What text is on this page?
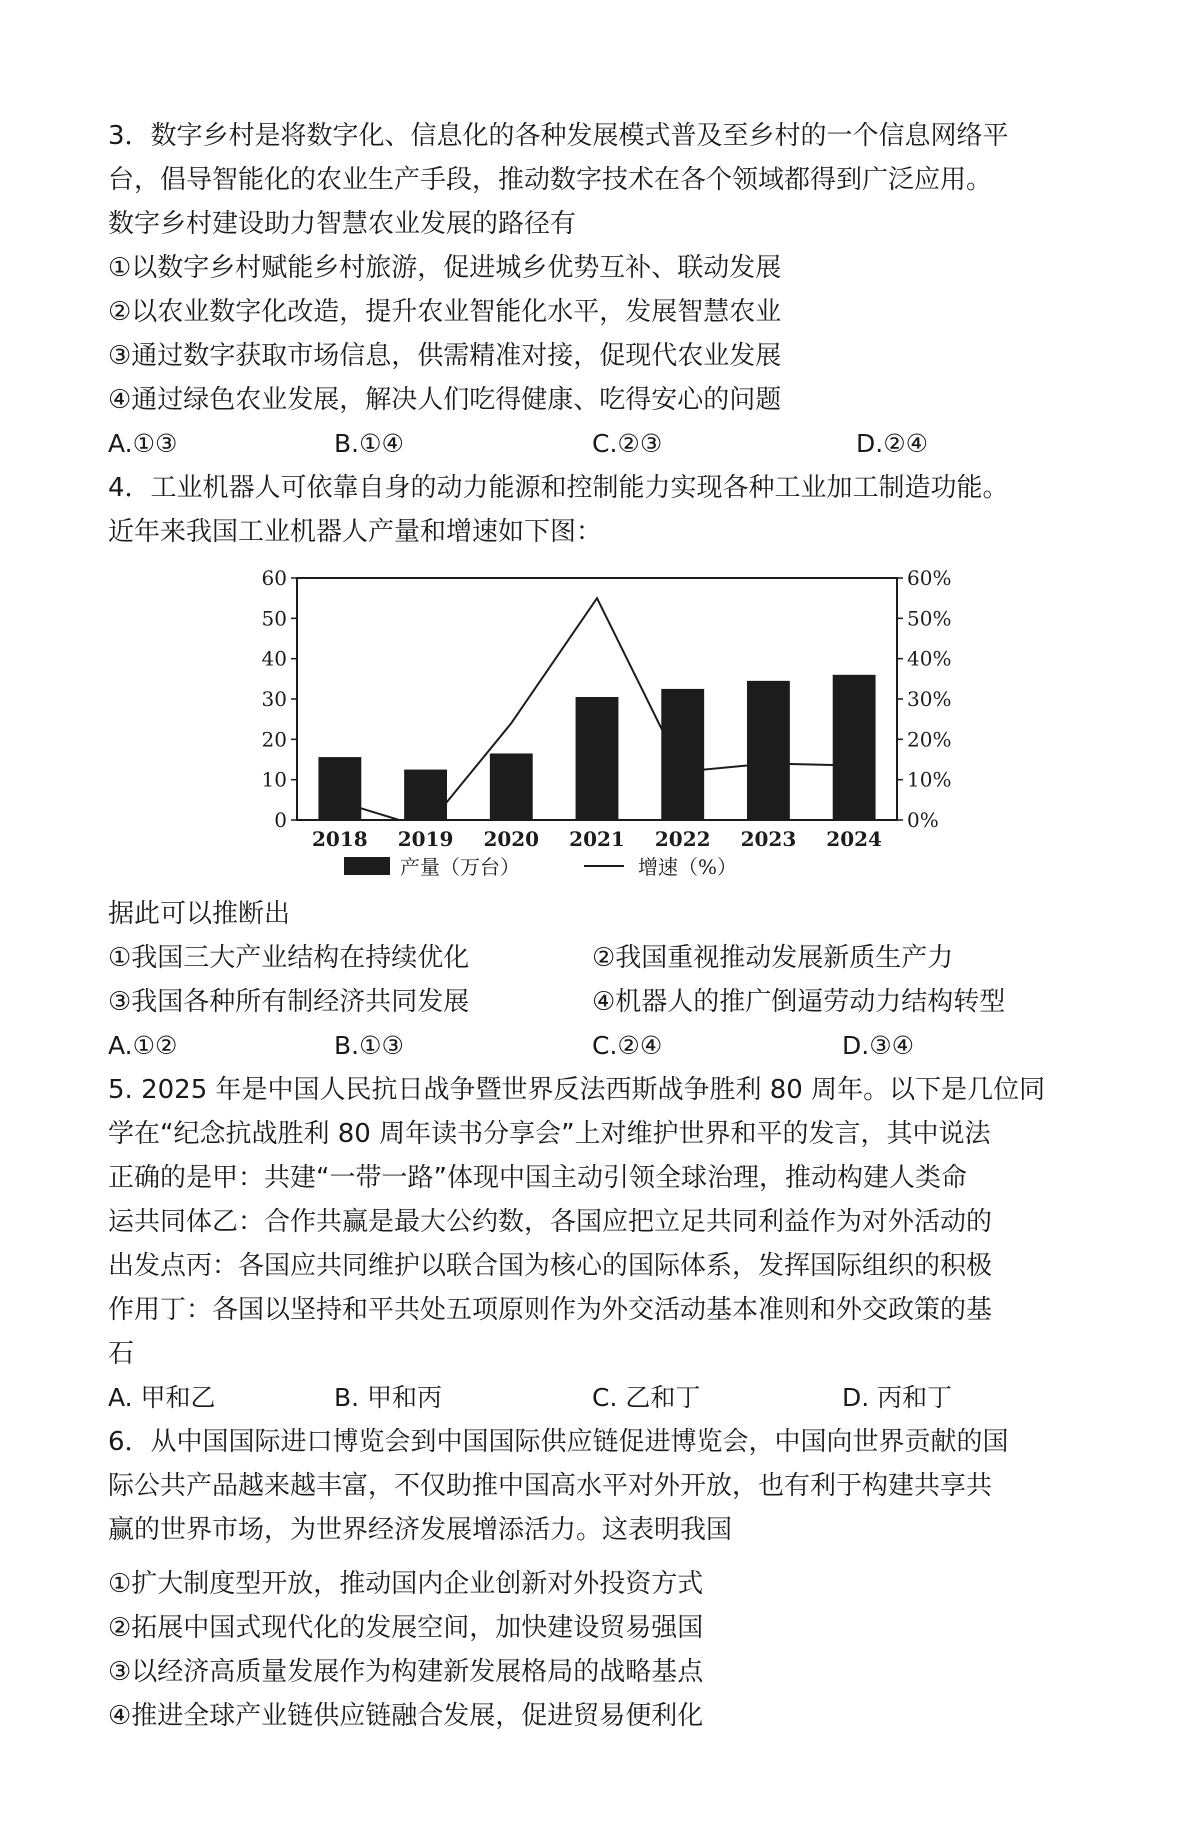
3．数字乡村是将数字化、信息化的各种发展模式普及至乡村的一个信息网络平
台，倡导智能化的农业生产手段，推动数字技术在各个领域都得到广泛应用。
数字乡村建设助力智慧农业发展的路径有
①以数字乡村赋能乡村旅游，促进城乡优势互补、联动发展
②以农业数字化改造，提升农业智能化水平，发展智慧农业
③通过数字获取市场信息，供需精准对接，促现代农业发展
④通过绿色农业发展，解决人们吃得健康、吃得安心的问题
A.①③	B.①④	C.②③	D.②④
4．工业机器人可依靠自身的动力能源和控制能力实现各种工业加工制造功能。
近年来我国工业机器人产量和增速如下图：
0
10
20
30
40
50
60
0%
10%
20%
30%
40%
50%
60%
2018 2019 2020 2021 2022 2023 2024
产量（万台）	增速（%）
据此可以推断出
①我国三大产业结构在持续优化	②我国重视推动发展新质生产力
③我国各种所有制经济共同发展	④机器人的推广倒逼劳动力结构转型
A.①②	B.①③	C.②④	D.③④
5. 2025 年是中国人民抗日战争暨世界反法西斯战争胜利 80 周年。以下是几位同
学在“纪念抗战胜利 80 周年读书分享会”上对维护世界和平的发言，其中说法
正确的是甲：共建“一带一路”体现中国主动引领全球治理，推动构建人类命
运共同体乙：合作共赢是最大公约数，各国应把立足共同利益作为对外活动的
出发点丙：各国应共同维护以联合国为核心的国际体系，发挥国际组织的积极
作用丁：各国以坚持和平共处五项原则作为外交活动基本准则和外交政策的基
石
A. 甲和乙	B. 甲和丙	C. 乙和丁	D. 丙和丁
6．从中国国际进口博览会到中国国际供应链促进博览会，中国向世界贡献的国
际公共产品越来越丰富，不仅助推中国高水平对外开放，也有利于构建共享共
赢的世界市场，为世界经济发展增添活力。这表明我国
①扩大制度型开放，推动国内企业创新对外投资方式
②拓展中国式现代化的发展空间，加快建设贸易强国
③以经济高质量发展作为构建新发展格局的战略基点
④推进全球产业链供应链融合发展，促进贸易便利化
